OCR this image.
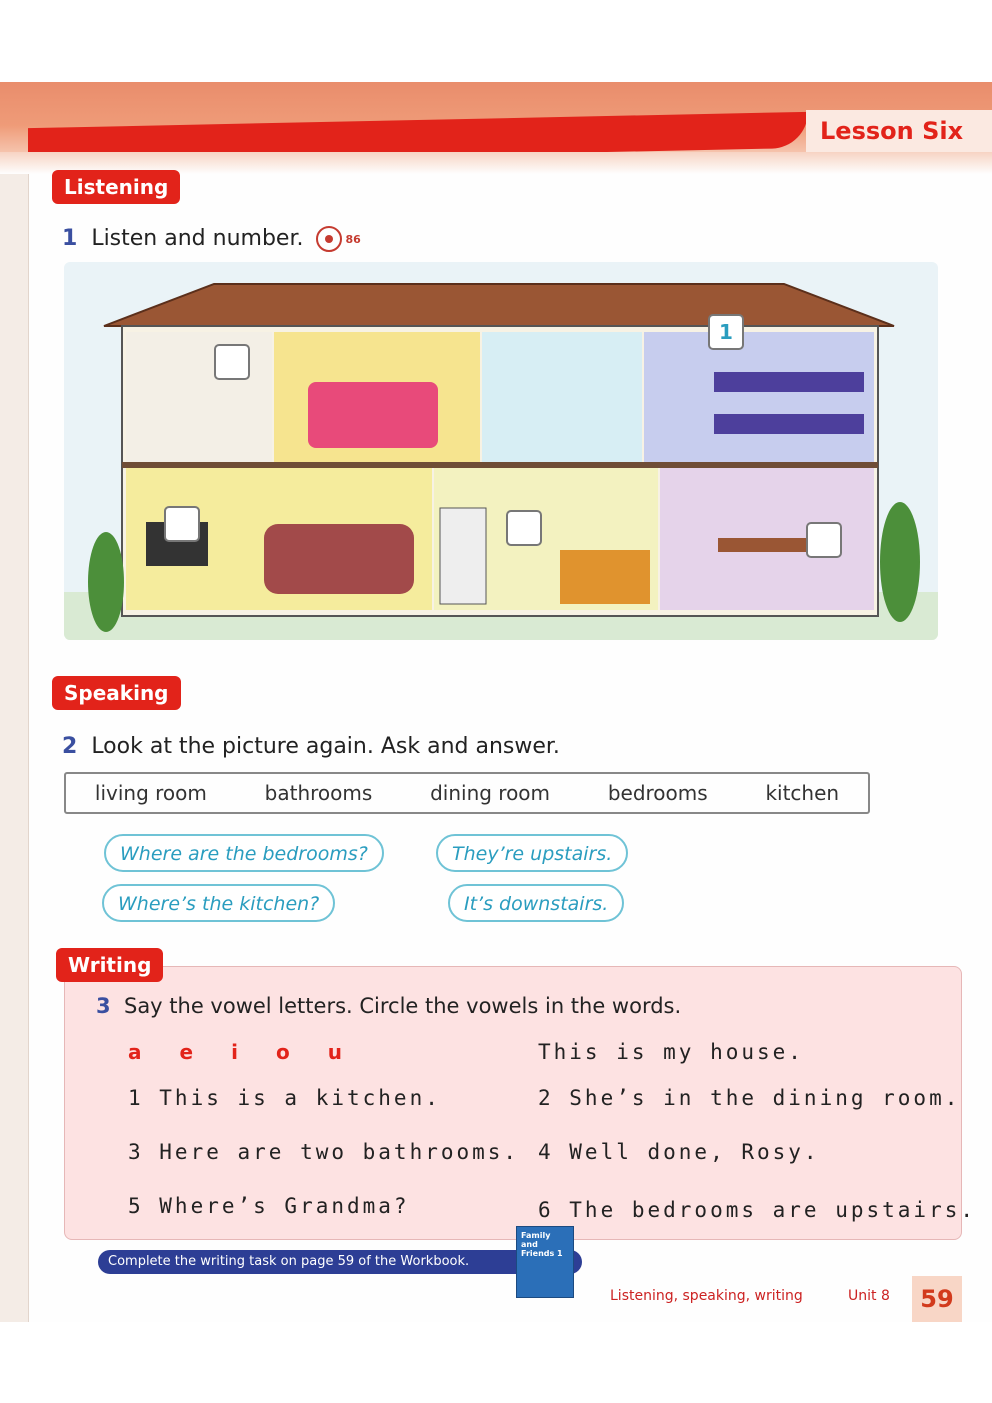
Lesson Six
Listening
1 Listen and number.	86
1
Speaking
2 Look at the picture again. Ask and answer.
living room	bathrooms	dining room	bedrooms	kitchen
Where are the bedrooms?	They’re upstairs.
Where’s the kitchen?	It’s downstairs.
Writing
3 Say the vowel letters. Circle the vowels in the words.
a e i o u	This is my house.
1 This is a kitchen.	2 She’s in the dining room.
3 Here are two bathrooms. 4 Well done, Rosy.
5 Where’s Grandma?	6 The bedrooms are upstairs.
Complete the writing task on page 59 of the Workbook.
Family and Friends 1
Listening, speaking, writing	Unit 8	59
